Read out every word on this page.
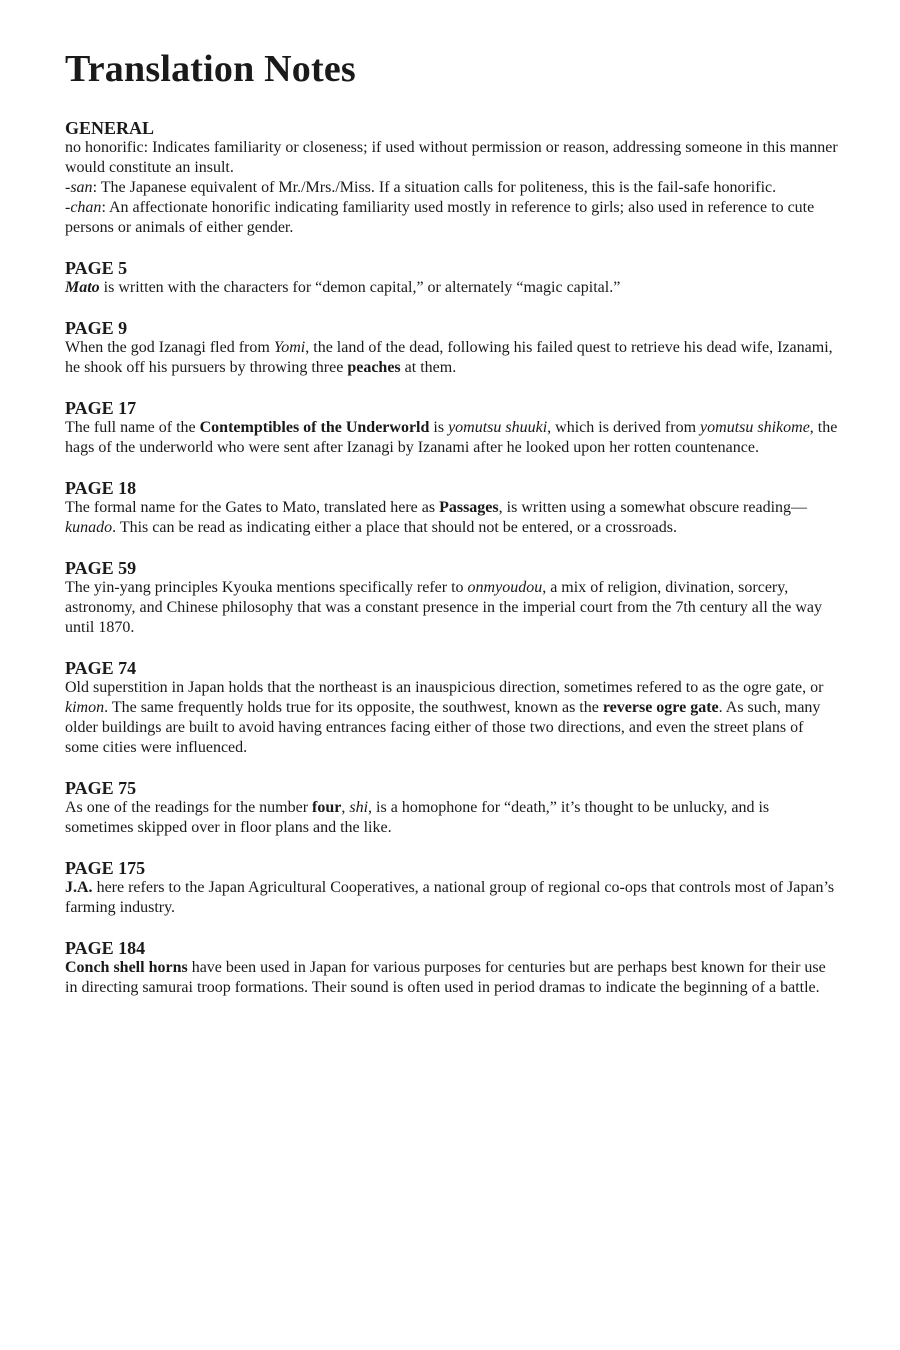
Translation Notes
GENERAL

no honorific: Indicates familiarity or closeness; if used without permission or reason, addressing someone in this manner would constitute an insult.

-san: The Japanese equivalent of Mr./Mrs./Miss. If a situation calls for politeness, this is the fail-safe honorific.

-chan: An affectionate honorific indicating familiarity used mostly in reference to girls; also used in reference to cute persons or animals of either gender.

PAGE 5

Mato is written with the characters for “demon capital,” or alternately “magic capital.”

PAGE 9

When the god Izanagi fled from Yomi, the land of the dead, following his failed quest to retrieve his dead wife, Izanami, he shook off his pursuers by throwing three peaches at them.

PAGE 17

The full name of the Contemptibles of the Underworld is yomutsu shuuki, which is derived from yomutsu shikome, the hags of the underworld who were sent after Izanagi by Izanami after he looked upon her rotten countenance.

PAGE 18

The formal name for the Gates to Mato, translated here as Passages, is written using a somewhat obscure reading—kunado. This can be read as indicating either a place that should not be entered, or a crossroads.

PAGE 59

The yin-yang principles Kyouka mentions specifically refer to onmyoudou, a mix of religion, divination, sorcery, astronomy, and Chinese philosophy that was a constant presence in the imperial court from the 7th century all the way until 1870.

PAGE 74

Old superstition in Japan holds that the northeast is an inauspicious direction, sometimes refered to as the ogre gate, or kimon. The same frequently holds true for its opposite, the southwest, known as the reverse ogre gate. As such, many older buildings are built to avoid having entrances facing either of those two directions, and even the street plans of some cities were influenced.

PAGE 75

As one of the readings for the number four, shi, is a homophone for “death,” it’s thought to be unlucky, and is sometimes skipped over in floor plans and the like.

PAGE 175

J.A. here refers to the Japan Agricultural Cooperatives, a national group of regional co-ops that controls most of Japan’s farming industry.

PAGE 184

Conch shell horns have been used in Japan for various purposes for centuries but are perhaps best known for their use in directing samurai troop formations. Their sound is often used in period dramas to indicate the beginning of a battle.
